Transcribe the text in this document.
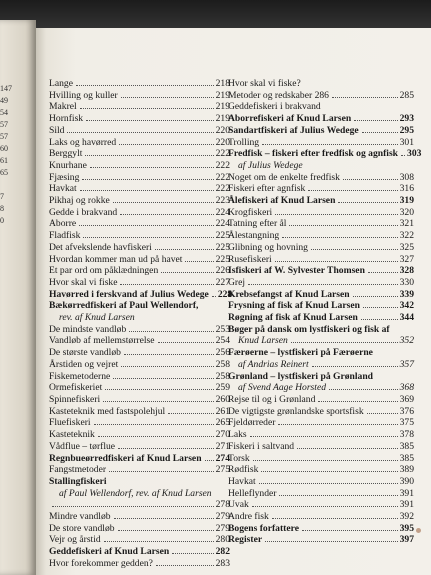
147
49
54
57
57
60
61
65
7
8
0
Lange	218
Hvilling og kuller	219
Makrel	219
Hornfisk	219
Sild	220
Laks og havørred	220
Berggylt	222
Knurhane	222
Fjæsing	222
Havkat	222
Pikhaj og rokke	223
Gedde i brakvand	224
Aborre	224
Fladfisk	225
Det afvekslende havfiskeri	225
Hvordan kommer man ud på havet	225
Et par ord om påklædningen	226
Hvor skal vi fiske	227
Havørred i ferskvand af Julius Wedege 228
Bækørredfiskeri af Paul Wellendorf,
rev. af Knud Larsen
De mindste vandløb	253
Vandløb af mellemstørrelse	254
De største vandløb	256
Årstiden og vejret	258
Fiskemetoderne	258
Ormefiskeriet	259
Spinnefiskeri	260
Kasteteknik med fastspolehjul	261
Fluefiskeri	265
Kasteteknik	270
Vådflue – tørflue	271
Regnbueørredfiskeri af Knud Larsen 274
Fangstmetoder	275
Stallingfiskeri
af Paul Wellendorf, rev. af Knud Larsen
278
Mindre vandløb	279
De store vandløb	279
Vejr og årstid	280
Geddefiskeri af Knud Larsen	282
Hvor forekommer gedden?	283
Hvor skal vi fiske?
Metoder og redskaber 286	285
Geddefiskeri i brakvand
Aborrefiskeri af Knud Larsen	293
Sandartfiskeri af Julius Wedege	295
Trolling	301
Fredfisk – fiskeri efter fredfisk og agnfisk 303
af Julius Wedege
Noget om de enkelte fredfisk	308
Fiskeri efter agnfisk	316
Ålefiskeri af Knud Larsen	319
Krogfiskeri	320
Tatning efter ål	321
Ålestangning	322
Glibning og hovning	325
Rusefiskeri	327
Isfiskeri af W. Sylvester Thomsen	328
Grej	330
Krebsefangst af Knud Larsen	339
Frysning af fisk af Knud Larsen	342
Røgning af fisk af Knud Larsen	344
Bøger på dansk om lystfiskeri og fisk af
Knud Larsen	352
Færøerne – lystfiskeri på Færøerne
af Andrias Reinert	357
Grønland – lystfiskeri på Grønland
af Svend Aage Horsted	368
Rejse til og i Grønland	369
De vigtigste grønlandske sportsfisk	376
Fjeldørreder	375
Laks	378
Fiskeri i saltvand	385
Torsk	385
Rødfisk	389
Havkat	390
Helleflynder	391
Uvak	391
Andre fisk	392
Bogens forfattere	395
Register	397
